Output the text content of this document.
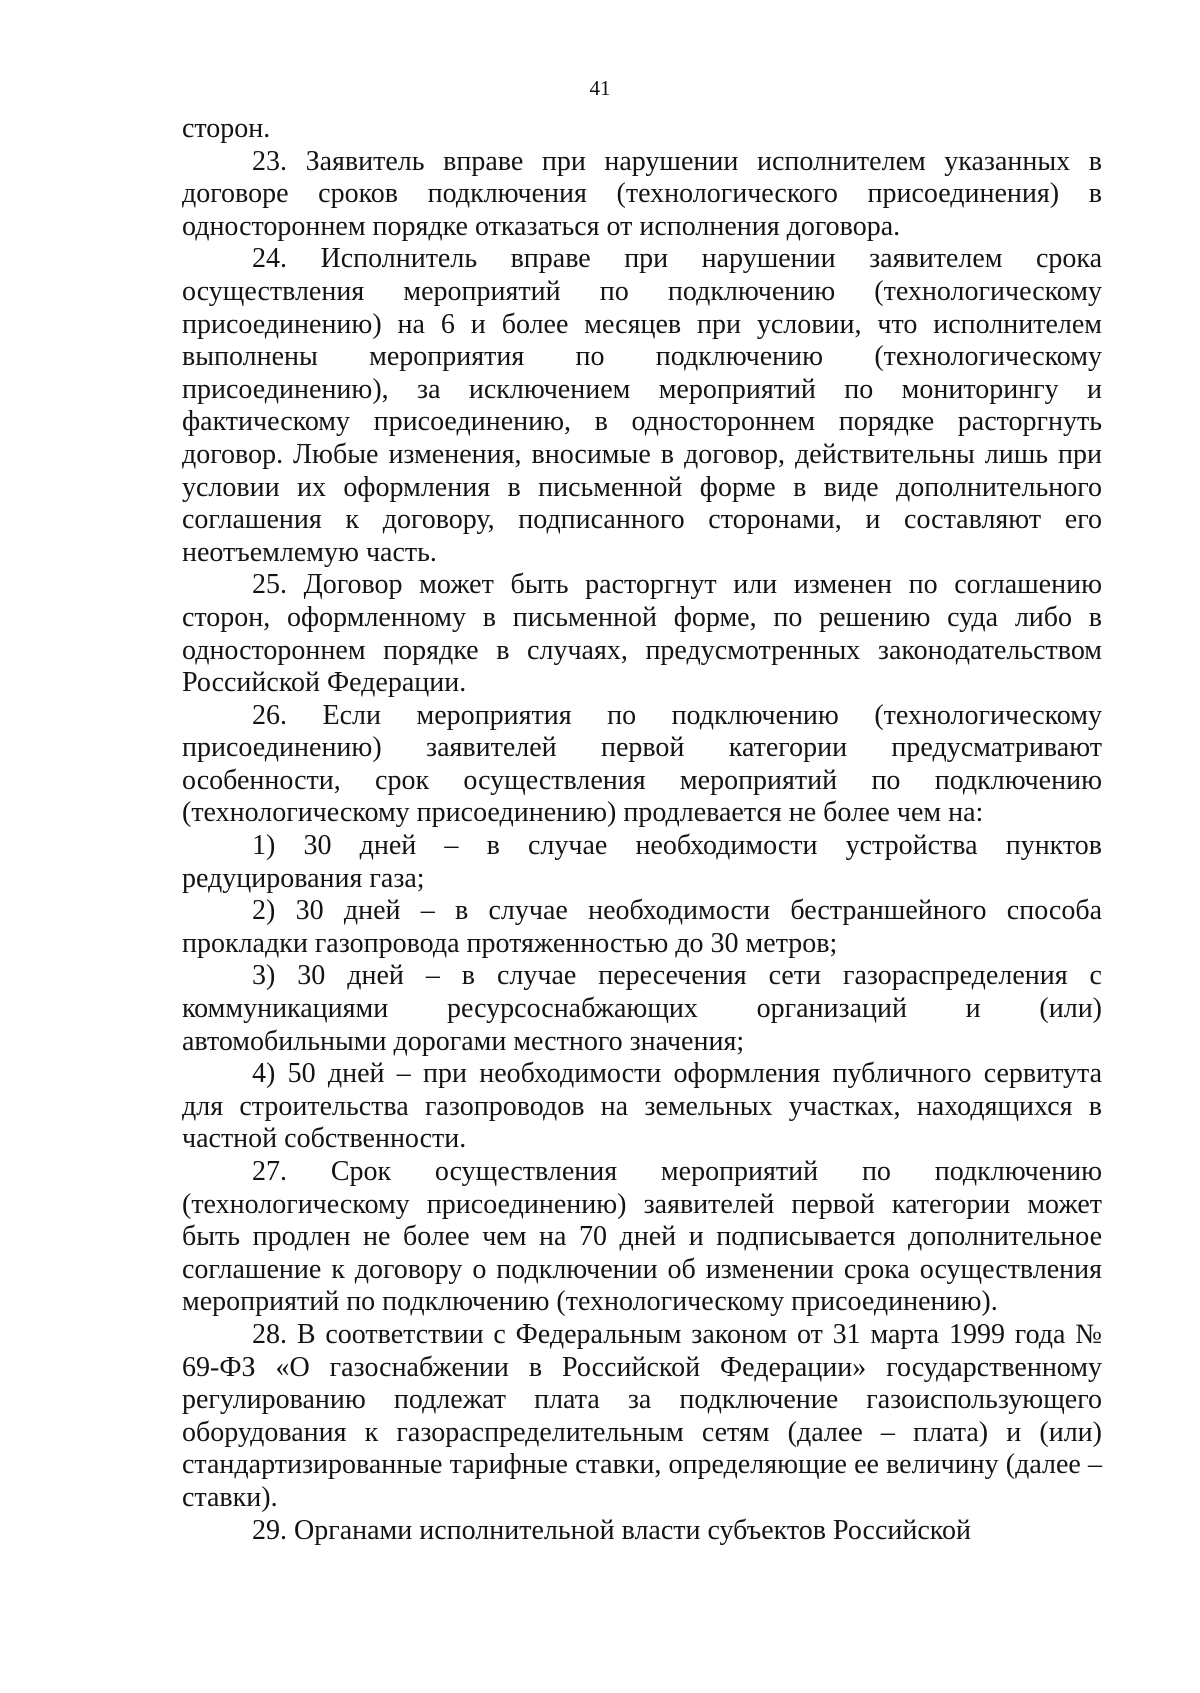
41

сторон.

23. Заявитель вправе при нарушении исполнителем указанных в договоре сроков подключения (технологического присоединения) в одностороннем порядке отказаться от исполнения договора.

24. Исполнитель вправе при нарушении заявителем срока осуществления мероприятий по подключению (технологическому присоединению) на 6 и более месяцев при условии, что исполнителем выполнены мероприятия по подключению (технологическому присоединению), за исключением мероприятий по мониторингу и фактическому присоединению, в одностороннем порядке расторгнуть договор. Любые изменения, вносимые в договор, действительны лишь при условии их оформления в письменной форме в виде дополнительного соглашения к договору, подписанного сторонами, и составляют его неотъемлемую часть.

25. Договор может быть расторгнут или изменен по соглашению сторон, оформленному в письменной форме, по решению суда либо в одностороннем порядке в случаях, предусмотренных законодательством Российской Федерации.

26. Если мероприятия по подключению (технологическому присоединению) заявителей первой категории предусматривают особенности, срок осуществления мероприятий по подключению (технологическому присоединению) продлевается не более чем на:

1) 30 дней – в случае необходимости устройства пунктов редуцирования газа;

2) 30 дней – в случае необходимости бестраншейного способа прокладки газопровода протяженностью до 30 метров;

3) 30 дней – в случае пересечения сети газораспределения с коммуникациями ресурсоснабжающих организаций и (или) автомобильными дорогами местного значения;

4) 50 дней – при необходимости оформления публичного сервитута для строительства газопроводов на земельных участках, находящихся в частной собственности.

27. Срок осуществления мероприятий по подключению (технологическому присоединению) заявителей первой категории может быть продлен не более чем на 70 дней и подписывается дополнительное соглашение к договору о подключении об изменении срока осуществления мероприятий по подключению (технологическому присоединению).

28. В соответствии с Федеральным законом от 31 марта 1999 года № 69-ФЗ «О газоснабжении в Российской Федерации» государственному регулированию подлежат плата за подключение газоиспользующего оборудования к газораспределительным сетям (далее – плата) и (или) стандартизированные тарифные ставки, определяющие ее величину (далее – ставки).

29. Органами исполнительной власти субъектов Российской
